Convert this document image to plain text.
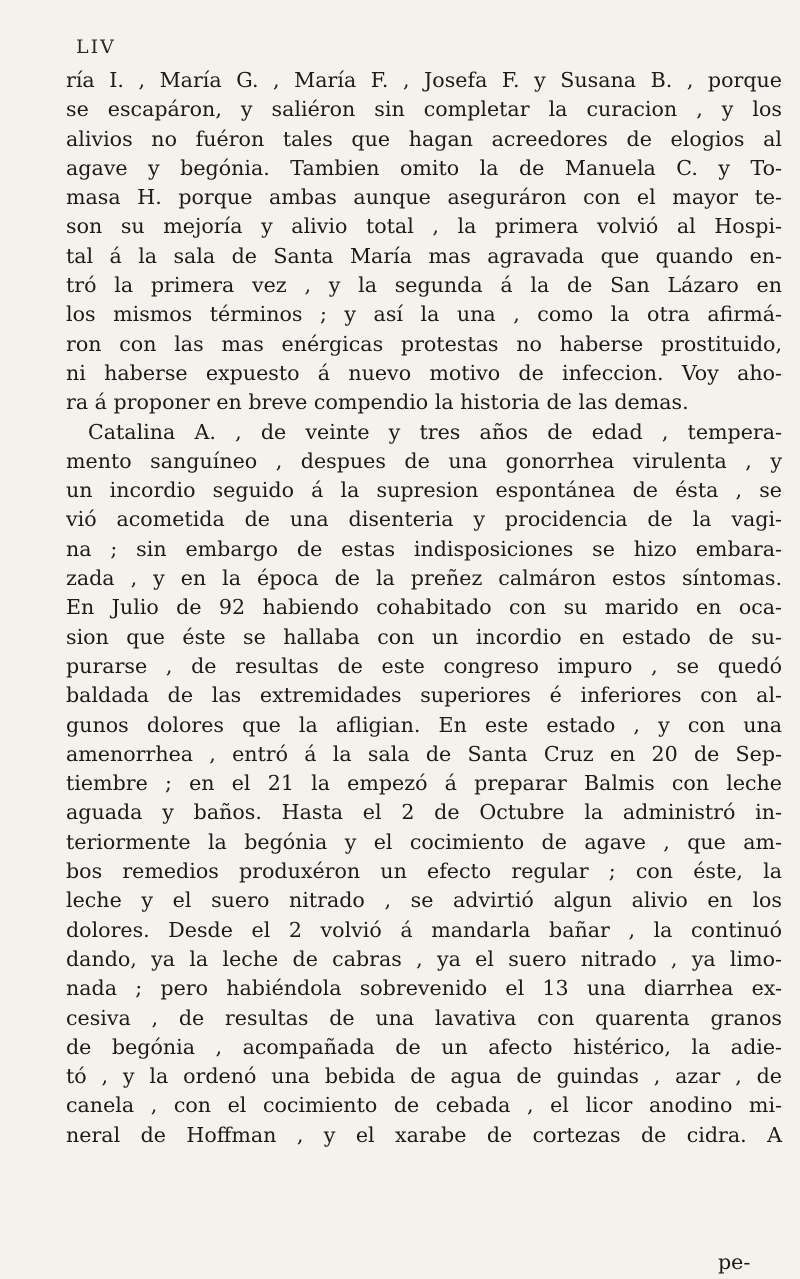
LIV
ría I. , María G. , María F. , Josefa F. y Susana B. , porque
se escapáron, y saliéron sin completar la curacion , y los
alivios no fuéron tales que hagan acreedores de elogios al
agave y begónia. Tambien omito la de Manuela C. y To-
masa H. porque ambas aunque aseguráron con el mayor te-
son su mejoría y alivio total , la primera volvió al Hospi-
tal á la sala de Santa María mas agravada que quando en-
tró la primera vez , y la segunda á la de San Lázaro en
los mismos términos ; y así la una , como la otra afirmá-
ron con las mas enérgicas protestas no haberse prostituido,
ni haberse expuesto á nuevo motivo de infeccion. Voy aho-
ra á proponer en breve compendio la historia de las demas.
Catalina A. , de veinte y tres años de edad , tempera-
mento sanguíneo , despues de una gonorrhea virulenta , y
un incordio seguido á la supresion espontánea de ésta , se
vió acometida de una disenteria y procidencia de la vagi-
na ; sin embargo de estas indisposiciones se hizo embara-
zada , y en la época de la preñez calmáron estos síntomas.
En Julio de 92 habiendo cohabitado con su marido en oca-
sion que éste se hallaba con un incordio en estado de su-
purarse , de resultas de este congreso impuro , se quedó
baldada de las extremidades superiores é inferiores con al-
gunos dolores que la afligian. En este estado , y con una
amenorrhea , entró á la sala de Santa Cruz en 20 de Sep-
tiembre ; en el 21 la empezó á preparar Balmis con leche
aguada y baños. Hasta el 2 de Octubre la administró in-
teriormente la begónia y el cocimiento de agave , que am-
bos remedios produxéron un efecto regular ; con éste, la
leche y el suero nitrado , se advirtió algun alivio en los
dolores. Desde el 2 volvió á mandarla bañar , la continuó
dando, ya la leche de cabras , ya el suero nitrado , ya limo-
nada ; pero habiéndola sobrevenido el 13 una diarrhea ex-
cesiva , de resultas de una lavativa con quarenta granos
de begónia , acompañada de un afecto histérico, la adie-
tó , y la ordenó una bebida de agua de guindas , azar , de
canela , con el cocimiento de cebada , el licor anodino mi-
neral de Hoffman , y el xarabe de cortezas de cidra. A
pe-
